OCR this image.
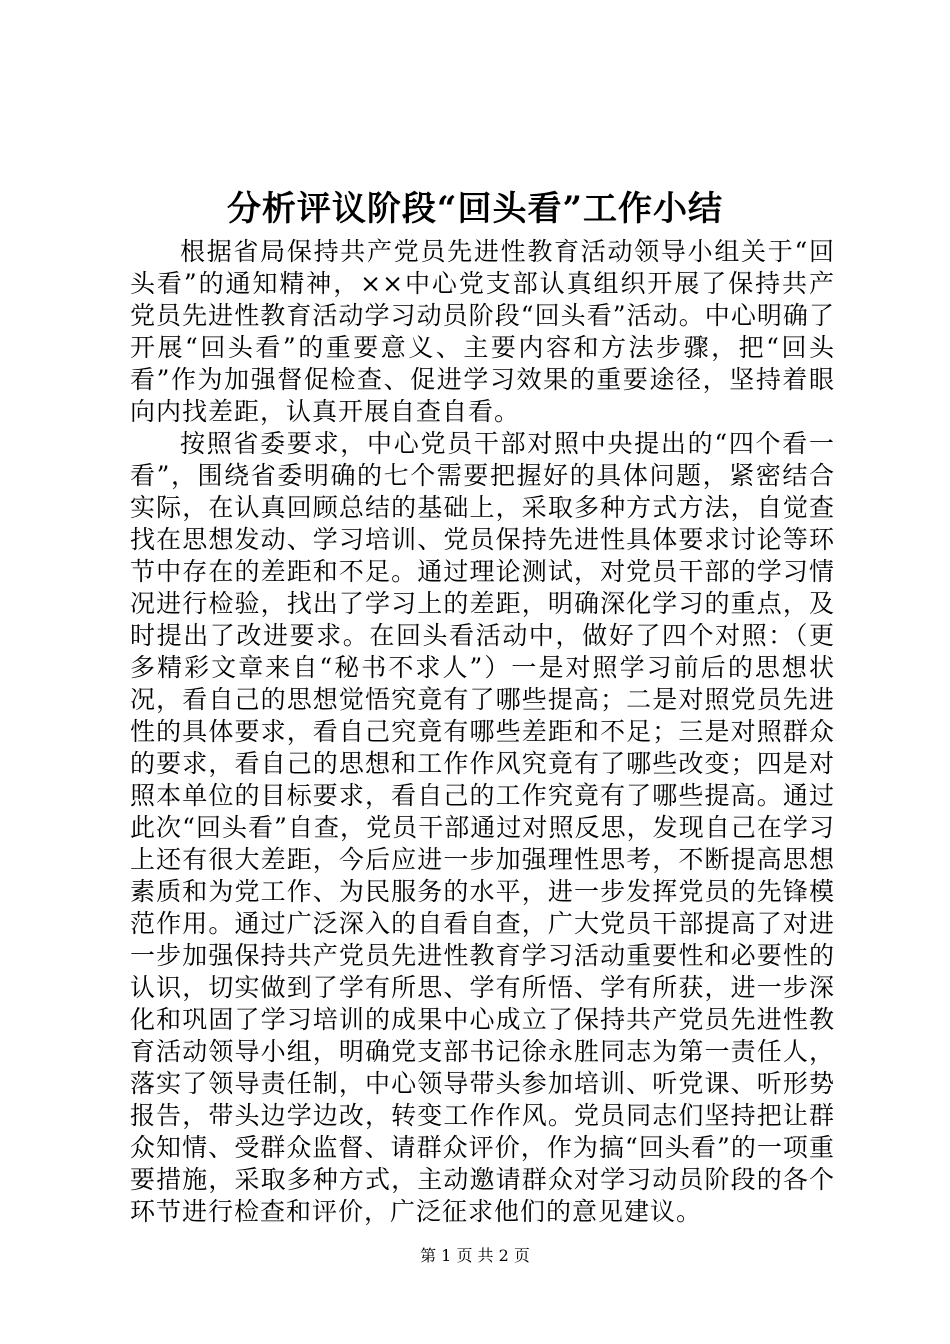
分析评议阶段“回头看”工作小结

根据省局保持共产党员先进性教育活动领导小组关于“回头看”的通知精神，××中心党支部认真组织开展了保持共产党员先进性教育活动学习动员阶段“回头看”活动。中心明确了开展“回头看”的重要意义、主要内容和方法步骤，把“回头看”作为加强督促检查、促进学习效果的重要途径，坚持着眼向内找差距，认真开展自查自看。

按照省委要求，中心党员干部对照中央提出的“四个看一看”，围绕省委明确的七个需要把握好的具体问题，紧密结合实际，在认真回顾总结的基础上，采取多种方式方法，自觉查找在思想发动、学习培训、党员保持先进性具体要求讨论等环节中存在的差距和不足。通过理论测试，对党员干部的学习情况进行检验，找出了学习上的差距，明确深化学习的重点，及时提出了改进要求。在回头看活动中，做好了四个对照：（更多精彩文章来自“秘书不求人”）一是对照学习前后的思想状况，看自己的思想觉悟究竟有了哪些提高；二是对照党员先进性的具体要求，看自己究竟有哪些差距和不足；三是对照群众的要求，看自己的思想和工作作风究竟有了哪些改变；四是对照本单位的目标要求，看自己的工作究竟有了哪些提高。通过此次“回头看”自查，党员干部通过对照反思，发现自己在学习上还有很大差距，今后应进一步加强理性思考，不断提高思想素质和为党工作、为民服务的水平，进一步发挥党员的先锋模范作用。通过广泛深入的自看自查，广大党员干部提高了对进一步加强保持共产党员先进性教育学习活动重要性和必要性的认识，切实做到了学有所思、学有所悟、学有所获，进一步深化和巩固了学习培训的成果中心成立了保持共产党员先进性教育活动领导小组，明确党支部书记徐永胜同志为第一责任人，落实了领导责任制，中心领导带头参加培训、听党课、听形势报告，带头边学边改，转变工作作风。党员同志们坚持把让群众知情、受群众监督、请群众评价，作为搞“回头看”的一项重要措施，采取多种方式，主动邀请群众对学习动员阶段的各个环节进行检查和评价，广泛征求他们的意见建议。

第 1 页 共 2 页
